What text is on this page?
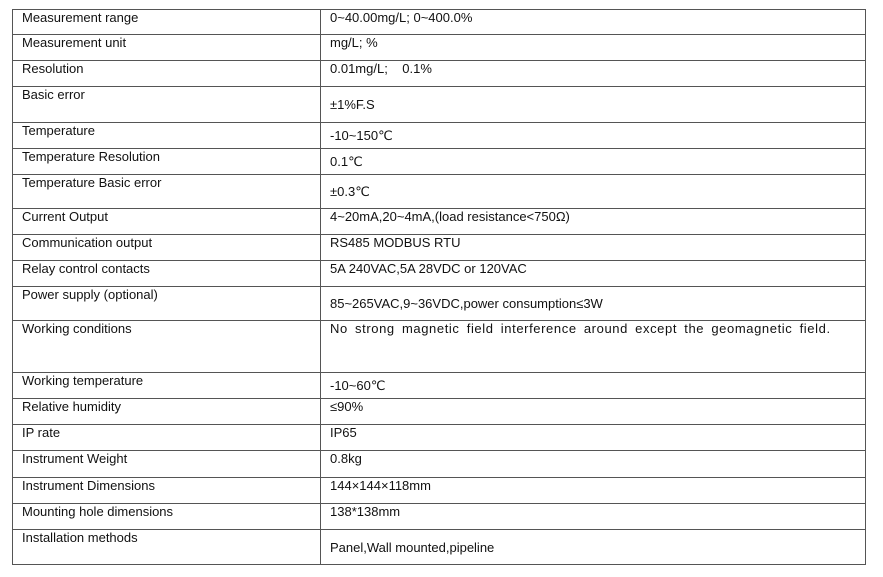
Measurement range	0~40.00mg/L; 0~400.0%
Measurement unit	mg/L; %
Resolution	0.01mg/L;    0.1%
Basic error	±1%F.S
Temperature	-10~150℃
Temperature Resolution	0.1℃
Temperature Basic error	±0.3℃
Current Output	4~20mA,20~4mA,(load resistance<750Ω)
Communication output	RS485 MODBUS RTU
Relay control contacts	5A 240VAC,5A 28VDC or 120VAC
Power supply (optional)	85~265VAC,9~36VDC,power consumption≤3W
Working conditions	No strong magnetic field interference around except the geomagnetic field.
Working temperature	-10~60℃
Relative humidity	≤90%
IP rate	IP65
Instrument Weight	0.8kg
Instrument Dimensions	144×144×118mm
Mounting hole dimensions	138*138mm
Installation methods	Panel,Wall mounted,pipeline
